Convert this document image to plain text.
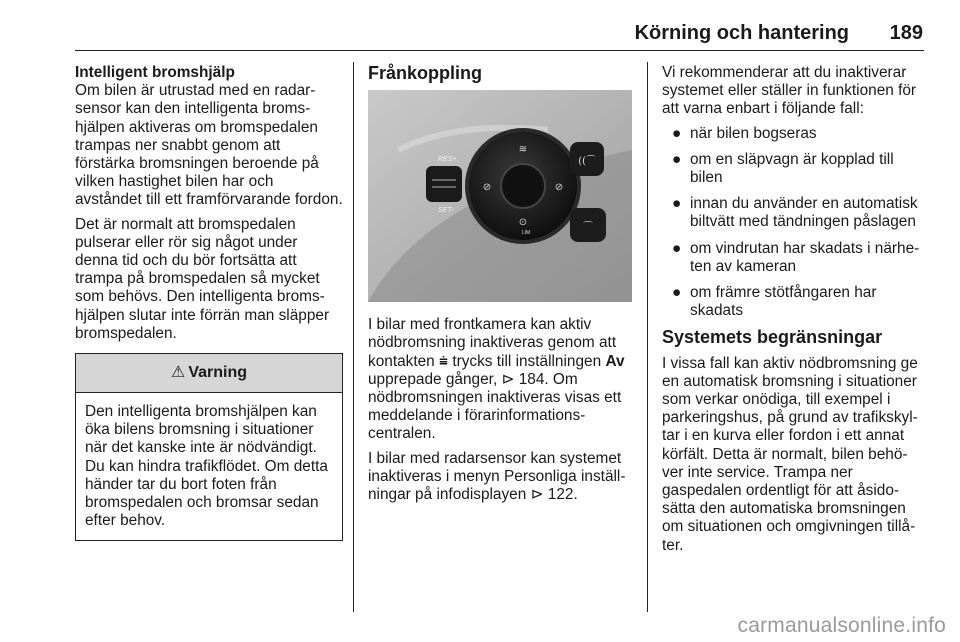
Körning och hantering 189
Intelligent bromshjälp

Om bilen är utrustad med en radar-sensor kan den intelligenta broms-hjälpen aktiveras om bromspedalen trampas ner snabbt genom att förstärka bromsningen beroende på vilken hastighet bilen har och avståndet till ett framförvarande fordon.

Det är normalt att bromspedalen pulserar eller rör sig något under denna tid och du bör fortsätta att trampa på bromspedalen så mycket som behövs. Den intelligenta broms-hjälpen slutar inte förrän man släpper bromspedalen.

⚠ Varning
Den intelligenta bromshjälpen kan öka bilens bromsning i situationer när det kanske inte är nödvändigt. Du kan hindra trafikflödet. Om detta händer tar du bort foten från bromspedalen och bromsar sedan efter behov.
Frånkoppling
RES+
SET-
≋
⊘	⊘
⊙
LIM
((⌒
⌒

I bilar med frontkamera kan aktiv nödbromsning inaktiveras genom att kontakten ⩧ trycks till inställningen Av upprepade gånger, ⊳ 184. Om nödbromsningen inaktiveras visas ett meddelande i förarinformations-centralen.

I bilar med radarsensor kan systemet inaktiveras i menyn Personliga inställ-ningar på infodisplayen ⊳ 122.

Vi rekommenderar att du inaktiverar systemet eller ställer in funktionen för att varna enbart i följande fall:

● när bilen bogseras
● om en släpvagn är kopplad till bilen
● innan du använder en automatisk biltvätt med tändningen påslagen
● om vindrutan har skadats i närhe-ten av kameran
● om främre stötfångaren har skadats
Systemets begränsningar

I vissa fall kan aktiv nödbromsning ge en automatisk bromsning i situationer som verkar onödiga, till exempel i parkeringshus, på grund av trafikskyl-tar i en kurva eller fordon i ett annat körfält. Detta är normalt, bilen behö-ver inte service. Trampa ner gaspedalen ordentligt för att åsido-sätta den automatiska bromsningen om situationen och omgivningen tillå-ter.

carmanualsonline.info
